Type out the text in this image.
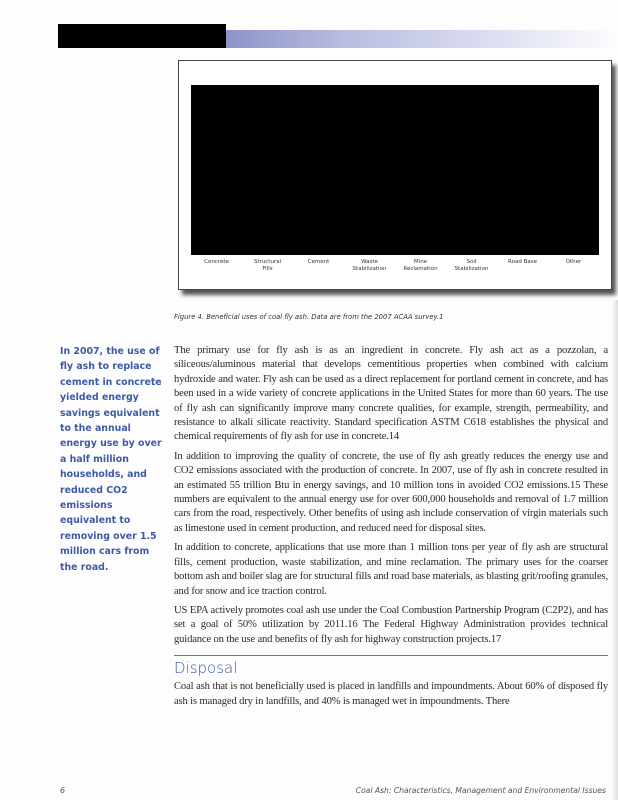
Concrete	Structural
Fills
Cement	Waste
Stabilization
Mine
Reclamation
Soil
Stabilization
Road Base	Other
Figure 4. Beneficial uses of coal fly ash. Data are from the 2007 ACAA survey.1
In 2007, the use of fly ash to replace cement in concrete yielded energy savings equivalent to the annual energy use by over a half million households, and reduced CO2 emissions equivalent to removing over 1.5 million cars from the road.

The primary use for fly ash is as an ingredient in concrete. Fly ash act as a pozzolan, a siliceous/aluminous material that develops cementitious properties when combined with calcium hydroxide and water. Fly ash can be used as a direct replacement for portland cement in concrete, and has been used in a wide variety of concrete applications in the United States for more than 60 years. The use of fly ash can significantly improve many concrete qualities, for example, strength, permeability, and resistance to alkali silicate reactivity. Standard specification ASTM C618 establishes the physical and chemical requirements of fly ash for use in concrete.14

In addition to improving the quality of concrete, the use of fly ash greatly reduces the energy use and CO2 emissions associated with the production of concrete. In 2007, use of fly ash in concrete resulted in an estimated 55 trillion Btu in energy savings, and 10 million tons in avoided CO2 emissions.15 These numbers are equivalent to the annual energy use for over 600,000 households and removal of 1.7 million cars from the road, respectively. Other benefits of using ash include conservation of virgin materials such as limestone used in cement production, and reduced need for disposal sites.

In addition to concrete, applications that use more than 1 million tons per year of fly ash are structural fills, cement production, waste stabilization, and mine reclamation. The primary uses for the coarser bottom ash and boiler slag are for structural fills and road base materials, as blasting grit/roofing granules, and for snow and ice traction control.

US EPA actively promotes coal ash use under the Coal Combustion Partnership Program (C2P2), and has set a goal of 50% utilization by 2011.16 The Federal Highway Administration provides technical guidance on the use and benefits of fly ash for highway construction projects.17

Disposal
Coal ash that is not beneficially used is placed in landfills and impoundments. About 60% of disposed fly ash is managed dry in landfills, and 40% is managed wet in impoundments. There
6	Coal Ash: Characteristics, Management and Environmental Issues
